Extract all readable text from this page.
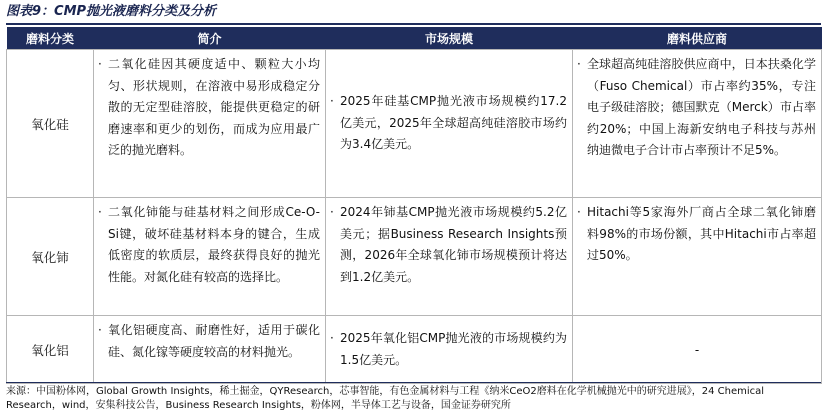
图表9：CMP抛光液磨料分类及分析
磨料分类	简介	市场规模	磨料供应商
氧化硅	· 二氧化硅因其硬度适中、颗粒大小均匀、形状规则，在溶液中易形成稳定分散的无定型硅溶胶，能提供更稳定的研磨速率和更少的划伤，而成为应用最广泛的抛光磨料。	· 2025年硅基CMP抛光液市场规模约17.2亿美元，2025年全球超高纯硅溶胶市场约为3.4亿美元。	· 全球超高纯硅溶胶供应商中，日本扶桑化学（Fuso Chemical）市占率约35%，专注电子级硅溶胶；德国默克（Merck）市占率约20%；中国上海新安纳电子科技与苏州纳迪微电子合计市占率预计不足5%。

氧化铈	· 二氧化铈能与硅基材料之间形成Ce-O-Si键，破坏硅基材料本身的键合，生成低密度的软质层，最终获得良好的抛光性能。对氮化硅有较高的选择比。	· 2024年铈基CMP抛光液市场规模约5.2亿美元；据Business Research Insights预测，2026年全球氧化铈市场规模预计将达到1.2亿美元。	· Hitachi等5家海外厂商占全球二氧化铈磨料98%的市场份额，其中Hitachi市占率超过50%。

氧化铝	· 氧化铝硬度高、耐磨性好，适用于碳化硅、氮化镓等硬度较高的材料抛光。	· 2025年氧化铝CMP抛光液的市场规模约为1.5亿美元。	-
来源：中国粉体网，Global Growth Insights，稀土掘金，QYResearch，芯事智能，有色金属材料与工程《纳米CeO2磨料在化学机械抛光中的研究进展》，24 Chemical Research，wind，安集科技公告，Business Research Insights，粉体网，半导体工艺与设备，国金证券研究所
